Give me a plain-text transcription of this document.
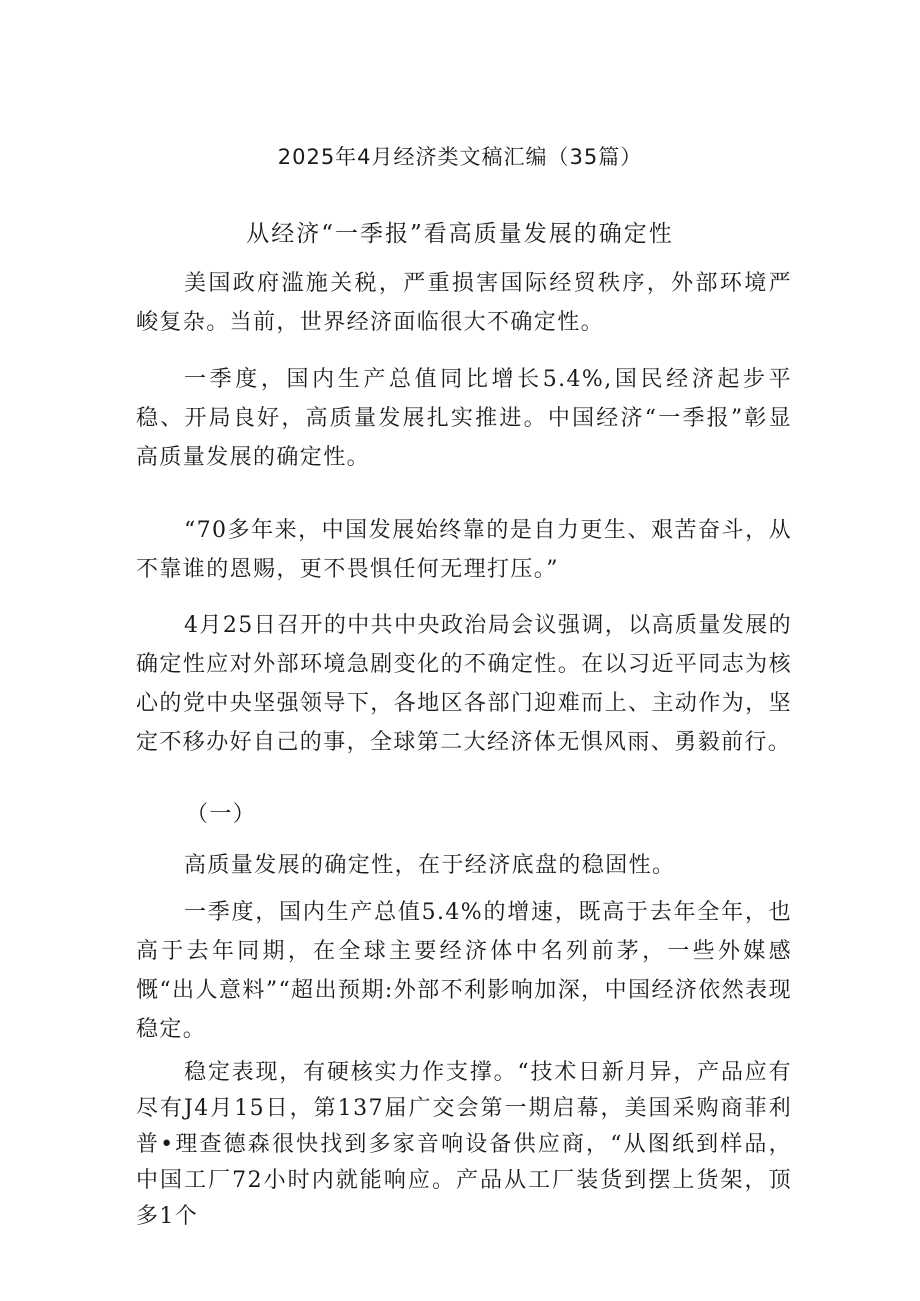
2025年4月经济类文稿汇编（35篇）
从经济“一季报”看高质量发展的确定性

美国政府滥施关税，严重损害国际经贸秩序，外部环境严峻复杂。当前，世界经济面临很大不确定性。

一季度，国内生产总值同比增长5.4%,国民经济起步平稳、开局良好，高质量发展扎实推进。中国经济“一季报”彰显高质量发展的确定性。

“70多年来，中国发展始终靠的是自力更生、艰苦奋斗，从不靠谁的恩赐，更不畏惧任何无理打压。”

4月25日召开的中共中央政治局会议强调，以高质量发展的确定性应对外部环境急剧变化的不确定性。在以习近平同志为核心的党中央坚强领导下，各地区各部门迎难而上、主动作为，坚定不移办好自己的事，全球第二大经济体无惧风雨、勇毅前行。

（一）

高质量发展的确定性，在于经济底盘的稳固性。

一季度，国内生产总值5.4%的增速，既高于去年全年，也高于去年同期，在全球主要经济体中名列前茅，一些外媒感慨“出人意料”“超出预期:外部不利影响加深，中国经济依然表现稳定。

稳定表现，有硬核实力作支撑。“技术日新月异，产品应有尽有J4月15日，第137届广交会第一期启幕，美国采购商菲利普•理查德森很快找到多家音响设备供应商，“从图纸到样品，中国工厂72小时内就能响应。产品从工厂装货到摆上货架，顶多1个
